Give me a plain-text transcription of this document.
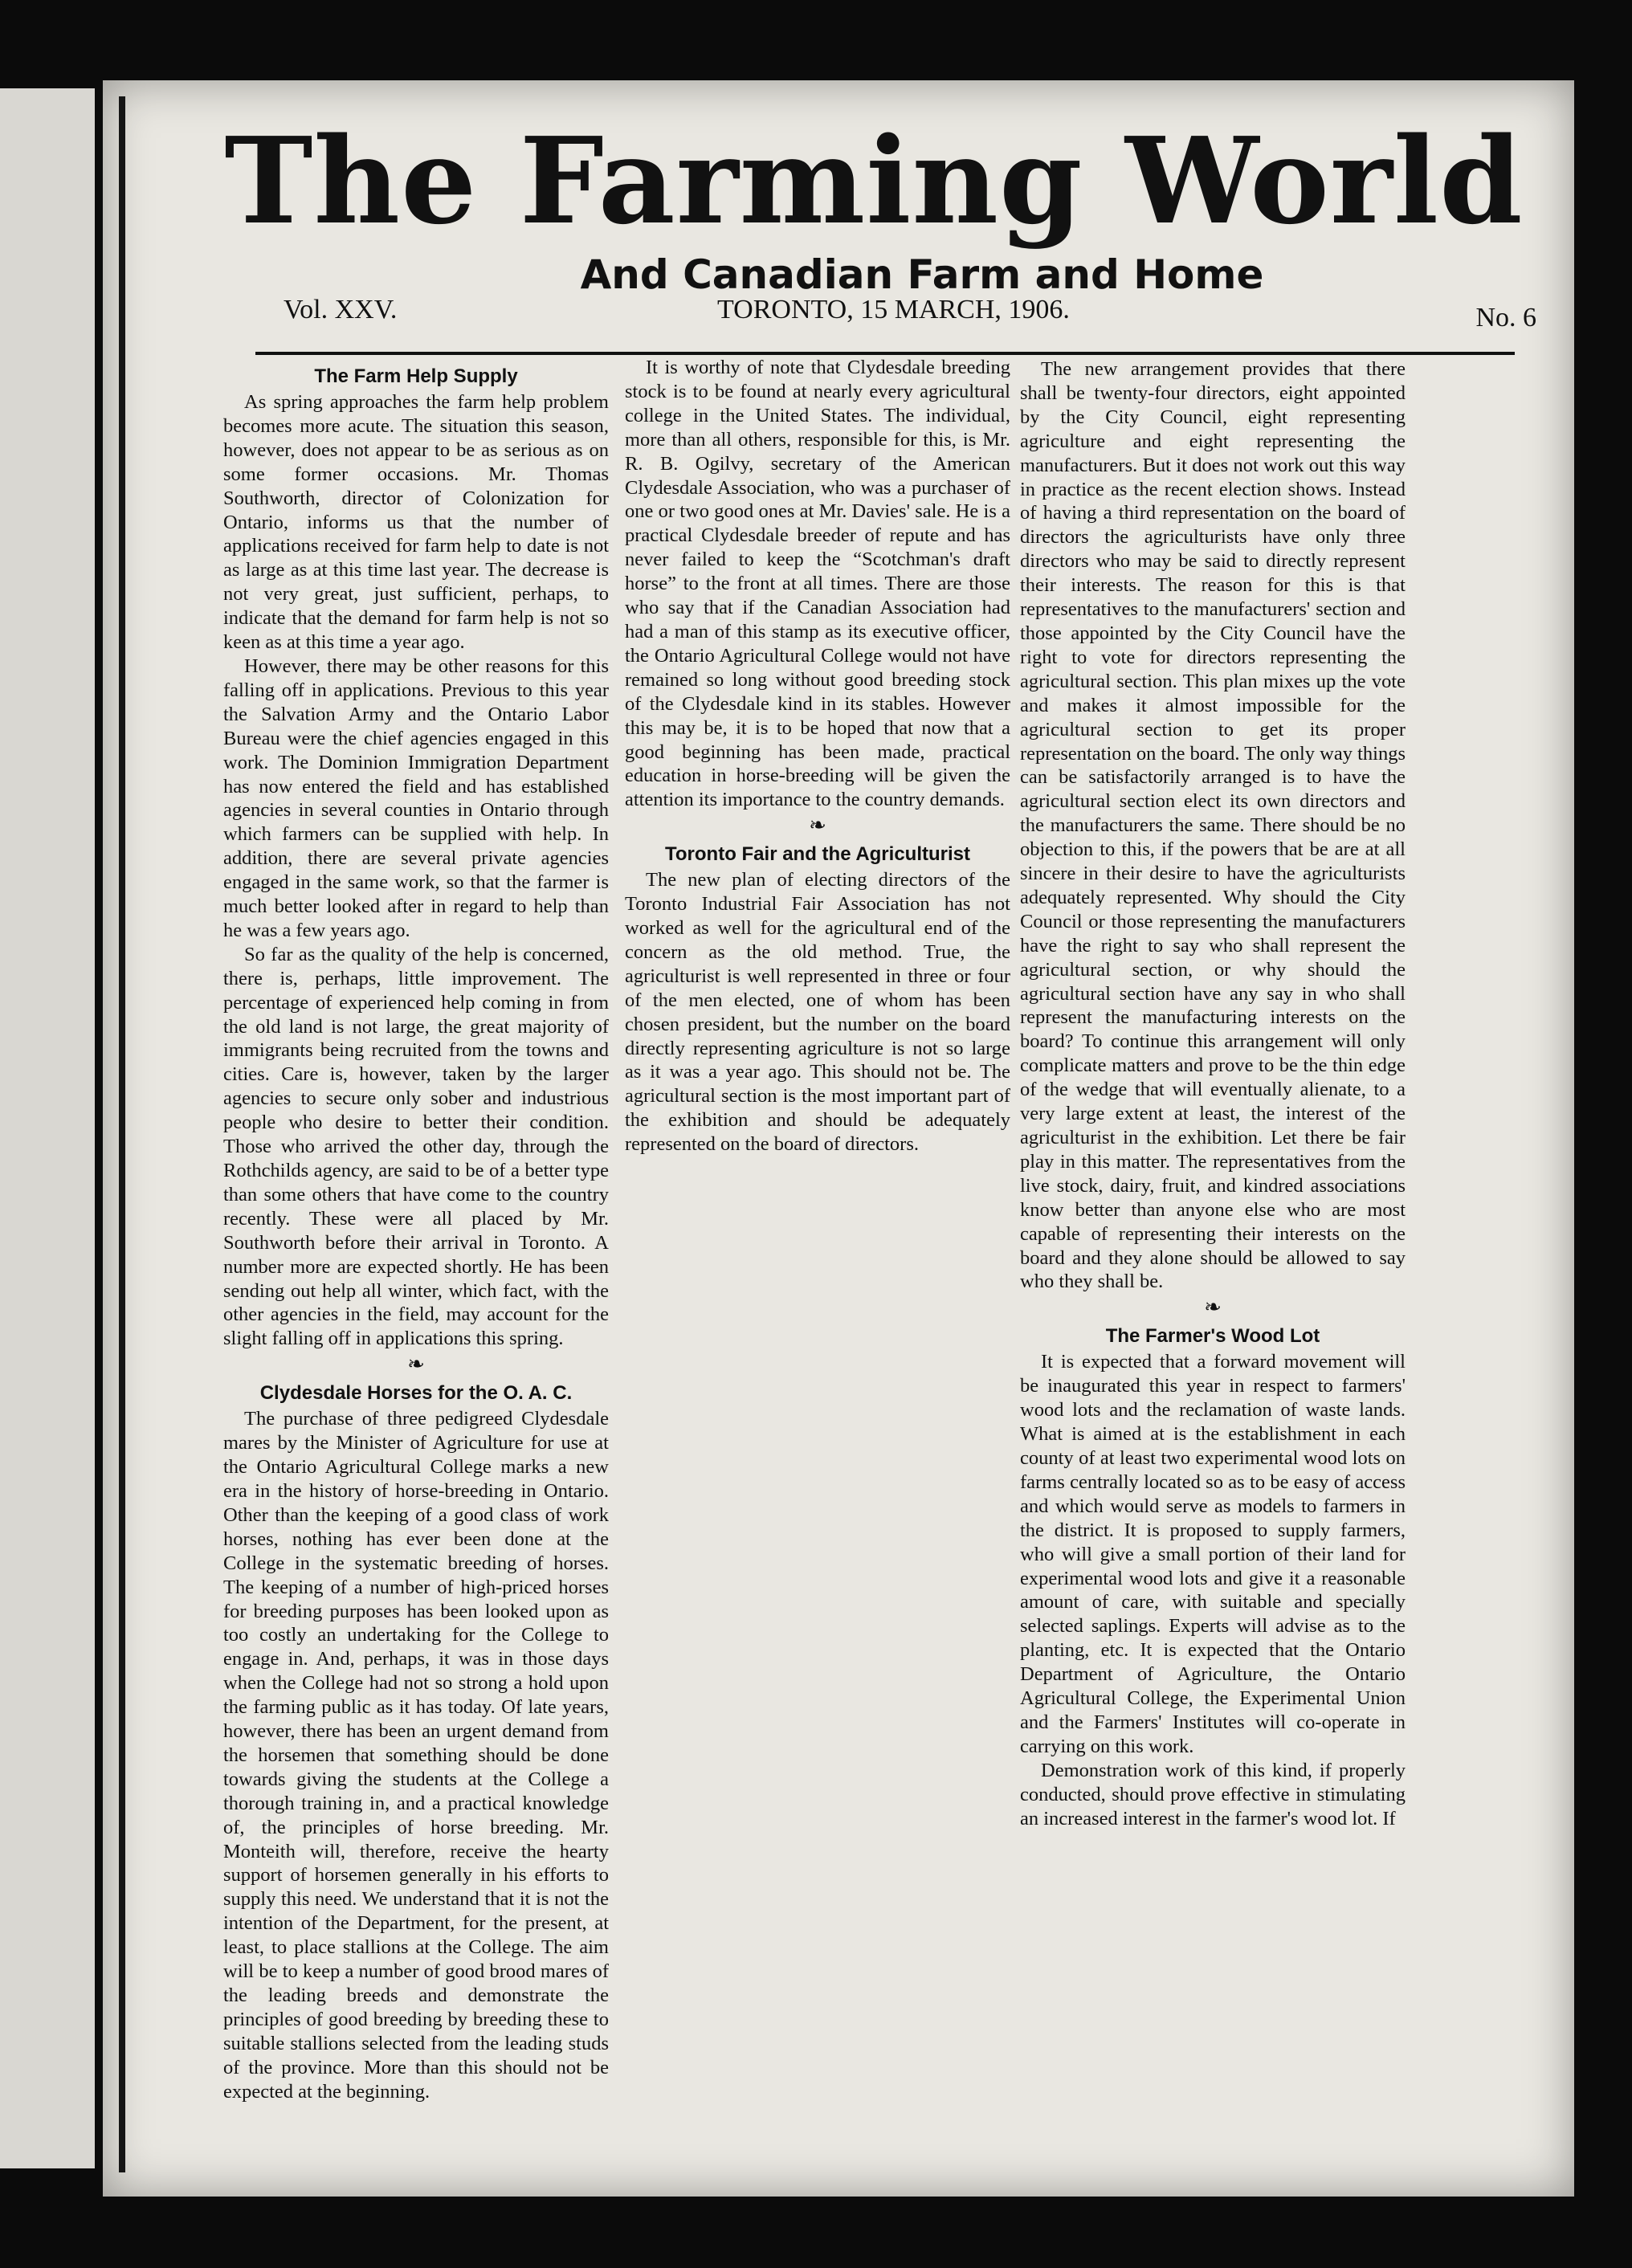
The Farming World
And Canadian Farm and Home
Vol. XXV.	TORONTO, 15 MARCH, 1906.	No. 6
The Farm Help Supply

As spring approaches the farm help problem becomes more acute. The situation this season, however, does not appear to be as serious as on some former occasions. Mr. Thomas Southworth, director of Colonization for Ontario, informs us that the number of applications received for farm help to date is not as large as at this time last year. The decrease is not very great, just sufficient, perhaps, to indicate that the demand for farm help is not so keen as at this time a year ago.

However, there may be other reasons for this falling off in applications. Previous to this year the Salvation Army and the Ontario Labor Bureau were the chief agencies engaged in this work. The Dominion Immigration Department has now entered the field and has established agencies in several counties in Ontario through which farmers can be supplied with help. In addition, there are several private agencies engaged in the same work, so that the farmer is much better looked after in regard to help than he was a few years ago.

So far as the quality of the help is concerned, there is, perhaps, little improvement. The percentage of experienced help coming in from the old land is not large, the great majority of immigrants being recruited from the towns and cities. Care is, however, taken by the larger agencies to secure only sober and industrious people who desire to better their condition. Those who arrived the other day, through the Rothchilds agency, are said to be of a better type than some others that have come to the country recently. These were all placed by Mr. Southworth before their arrival in Toronto. A number more are expected shortly. He has been sending out help all winter, which fact, with the other agencies in the field, may account for the slight falling off in applications this spring.

❧
Clydesdale Horses for the O. A. C.

The purchase of three pedigreed Clydesdale mares by the Minister of Agriculture for use at the Ontario Agricultural College marks a new era in the history of horse-breeding in Ontario. Other than the keeping of a good class of work horses, nothing has ever been done at the College in the systematic breeding of horses. The keeping of a number of high-priced horses for breeding purposes has been looked upon as too costly an undertaking for the College to engage in. And, perhaps, it was in those days when the College had not so strong a hold upon the farming public as it has today. Of late years, however, there has been an urgent demand from the horsemen that something should be done towards giving the students at the College a thorough training in, and a practical knowledge of, the principles of horse breeding. Mr. Monteith will, therefore, receive the hearty support of horsemen generally in his efforts to supply this need. We understand that it is not the intention of the Department, for the present, at least, to place stallions at the College. The aim will be to keep a number of good brood mares of the leading breeds and demonstrate the principles of good breeding by breeding these to suitable stallions selected from the leading studs of the province. More than this should not be expected at the beginning.

It is worthy of note that Clydesdale breeding stock is to be found at nearly every agricultural college in the United States. The individual, more than all others, responsible for this, is Mr. R. B. Ogilvy, secretary of the American Clydesdale Association, who was a purchaser of one or two good ones at Mr. Davies' sale. He is a practical Clydesdale breeder of repute and has never failed to keep the “Scotchman's draft horse” to the front at all times. There are those who say that if the Canadian Association had had a man of this stamp as its executive officer, the Ontario Agricultural College would not have remained so long without good breeding stock of the Clydesdale kind in its stables. However this may be, it is to be hoped that now that a good beginning has been made, practical education in horse-breeding will be given the attention its importance to the country demands.

❧
Toronto Fair and the Agriculturist

The new plan of electing directors of the Toronto Industrial Fair Association has not worked as well for the agricultural end of the concern as the old method. True, the agriculturist is well represented in three or four of the men elected, one of whom has been chosen president, but the number on the board directly representing agriculture is not so large as it was a year ago. This should not be. The agricultural section is the most important part of the exhibition and should be adequately represented on the board of directors.

The new arrangement provides that there shall be twenty-four directors, eight appointed by the City Council, eight representing agriculture and eight representing the manufacturers. But it does not work out this way in practice as the recent election shows. Instead of having a third representation on the board of directors the agriculturists have only three directors who may be said to directly represent their interests. The reason for this is that representatives to the manufacturers' section and those appointed by the City Council have the right to vote for directors representing the agricultural section. This plan mixes up the vote and makes it almost impossible for the agricultural section to get its proper representation on the board. The only way things can be satisfactorily arranged is to have the agricultural section elect its own directors and the manufacturers the same. There should be no objection to this, if the powers that be are at all sincere in their desire to have the agriculturists adequately represented. Why should the City Council or those representing the manufacturers have the right to say who shall represent the agricultural section, or why should the agricultural section have any say in who shall represent the manufacturing interests on the board? To continue this arrangement will only complicate matters and prove to be the thin edge of the wedge that will eventually alienate, to a very large extent at least, the interest of the agriculturist in the exhibition. Let there be fair play in this matter. The representatives from the live stock, dairy, fruit, and kindred associations know better than anyone else who are most capable of representing their interests on the board and they alone should be allowed to say who they shall be.

❧
The Farmer's Wood Lot

It is expected that a forward movement will be inaugurated this year in respect to farmers' wood lots and the reclamation of waste lands. What is aimed at is the establishment in each county of at least two experimental wood lots on farms centrally located so as to be easy of access and which would serve as models to farmers in the district. It is proposed to supply farmers, who will give a small portion of their land for experimental wood lots and give it a reasonable amount of care, with suitable and specially selected saplings. Experts will advise as to the planting, etc. It is expected that the Ontario Department of Agriculture, the Ontario Agricultural College, the Experimental Union and the Farmers' Institutes will co-operate in carrying on this work.

Demonstration work of this kind, if properly conducted, should prove effective in stimulating an increased interest in the farmer's wood lot. If
